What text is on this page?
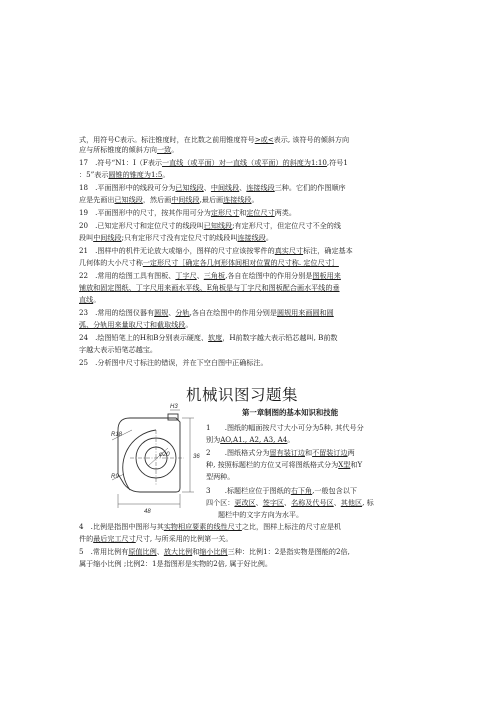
式，用符号C表示。标注锥度时，在比数之前用锥度符号>或<表示, 该符号的倾斜方向
应与所标锥度的倾斜方向一致。
17　.符号“N1：I（F表示一直线（或平面）对一直线（或平面）的斜度为1:10,符号1
：5”表示圆锥的锥度为1:5。
18　.平面图形中的线段可分为已知线段、中间线段、连接线段三种。它们的作图顺序
应是先画出已知线段，然后画中间线段,最后画连接线段。
19　.平面图形中的尺寸，按其作用可分为定形尺寸和定位尺寸两类。
20　.已知定形尺寸和定位尺寸的线段叫已知线段;有定形尺寸，但定位尺寸不全的线
段叫中间线段;只有定形尺寸没有定位尺寸的线段叫连接线段。
21　.图样中的机件无论放大或缩小，图样的尺寸应该按零件的真实尺寸标注，确定基本
几何体的大小尺寸称一定形尺寸［确定各几何形体间相对位置的尺寸称. 定位尺寸］
22　.常用的绘图工具有图板、丁字尺、三角板,各自在绘图中的作用分别是图板用来
铺放和固定图纸、丁字尺用来画水平线、E角板是与丁字尺和图板配合画水平线的垂
直线。
23　.常用的绘图仪器有圆规、分轨,各自在绘图中的作用分别是圆规用来画圆和圆
弧、分轨用来量取尺寸和截取线段。
24　.绘图铅笔上的H和B分别表示硬度、软度，H前数字越大表示铅芯越叫, B前数
字越大表示铅笔芯越宝。
25　.分析图中尺寸标注的错误，并在下空白图中正确标注。
机械识图习题集
第一章制图的基本知识和技能
R18
R9
φ20
H3
48
36
1　　.图纸的幅面按尺寸大小可分为5种, 其代号分
别为AO,A1., A2, A3, A4。
2　　.图纸格式分为留有装订边和不留装订边两
种, 按照标题栏的方位又可将图纸格式分为X型和Y
型两种。
3　　.标题栏应位于图纸的右下角,一般包含以下
四个区：更改区、签字区、名称及代号区、其他区, 标
题栏中的文字方向为水平。
4　.比例是指图中图形与其实物相应要素的线性尺寸之比，图样上标注的尺寸应是机
件的最后完工尺寸尺寸, 与所采用的比例第一关。
5　.常用比例有原值比例、放大比例和缩小比例三种：比例1：2是指实物是图能的2倍,
属于缩小比例 ;比例2：1是指图形是实物的2倍, 属于好比例。
